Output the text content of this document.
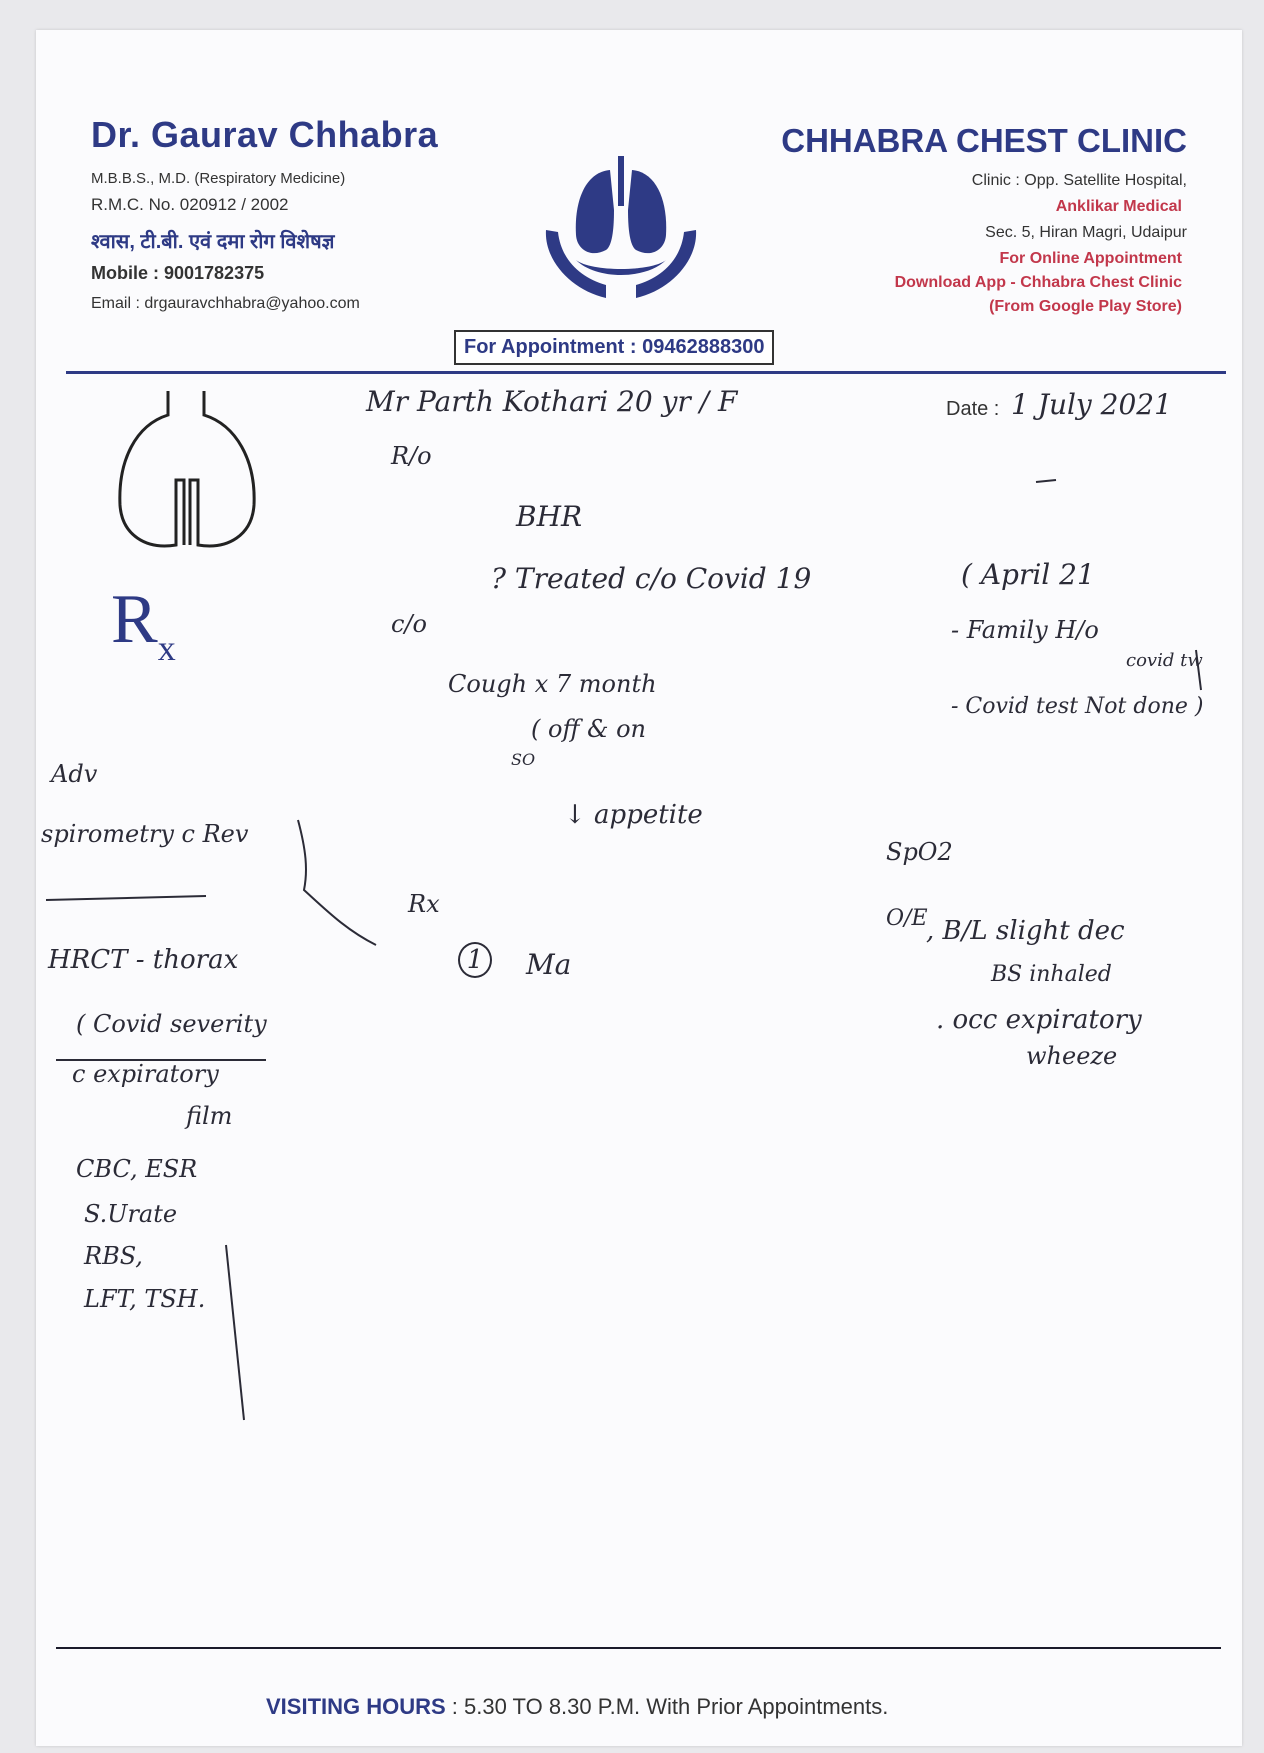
Dr. Gaurav Chhabra
M.B.B.S., M.D. (Respiratory Medicine)
R.M.C. No. 020912 / 2002
श्वास, टी.बी. एवं दमा रोग विशेषज्ञ
Mobile : 9001782375
Email : drgauravchhabra@yahoo.com
CHHABRA CHEST CLINIC
Clinic : Opp. Satellite Hospital,
Anklikar Medical
Sec. 5, Hiran Magri, Udaipur
For Online Appointment
Download App - Chhabra Chest Clinic
(From Google Play Store)
For Appointment : 09462888300
$R_x$
Date :
Mr Parth Kothari 20 yr / F	1 July 2021
R/o
BHR
? Treated c/o Covid 19	( April 21
c/o	- Family H/o
covid tw
- Covid test Not done )
Cough x 7 month
( off & on
SO
↓ appetite
Adv
spirometry c Rev
SpO2
O/E
, B/L slight dec
BS inhaled
. occ expiratory
wheeze
Rx
1	Ma
HRCT - thorax
( Covid severity
c expiratory
film
CBC, ESR
S.Urate
RBS,
LFT, TSH.
VISITING HOURS : 5.30 TO 8.30 P.M. With Prior Appointments.
